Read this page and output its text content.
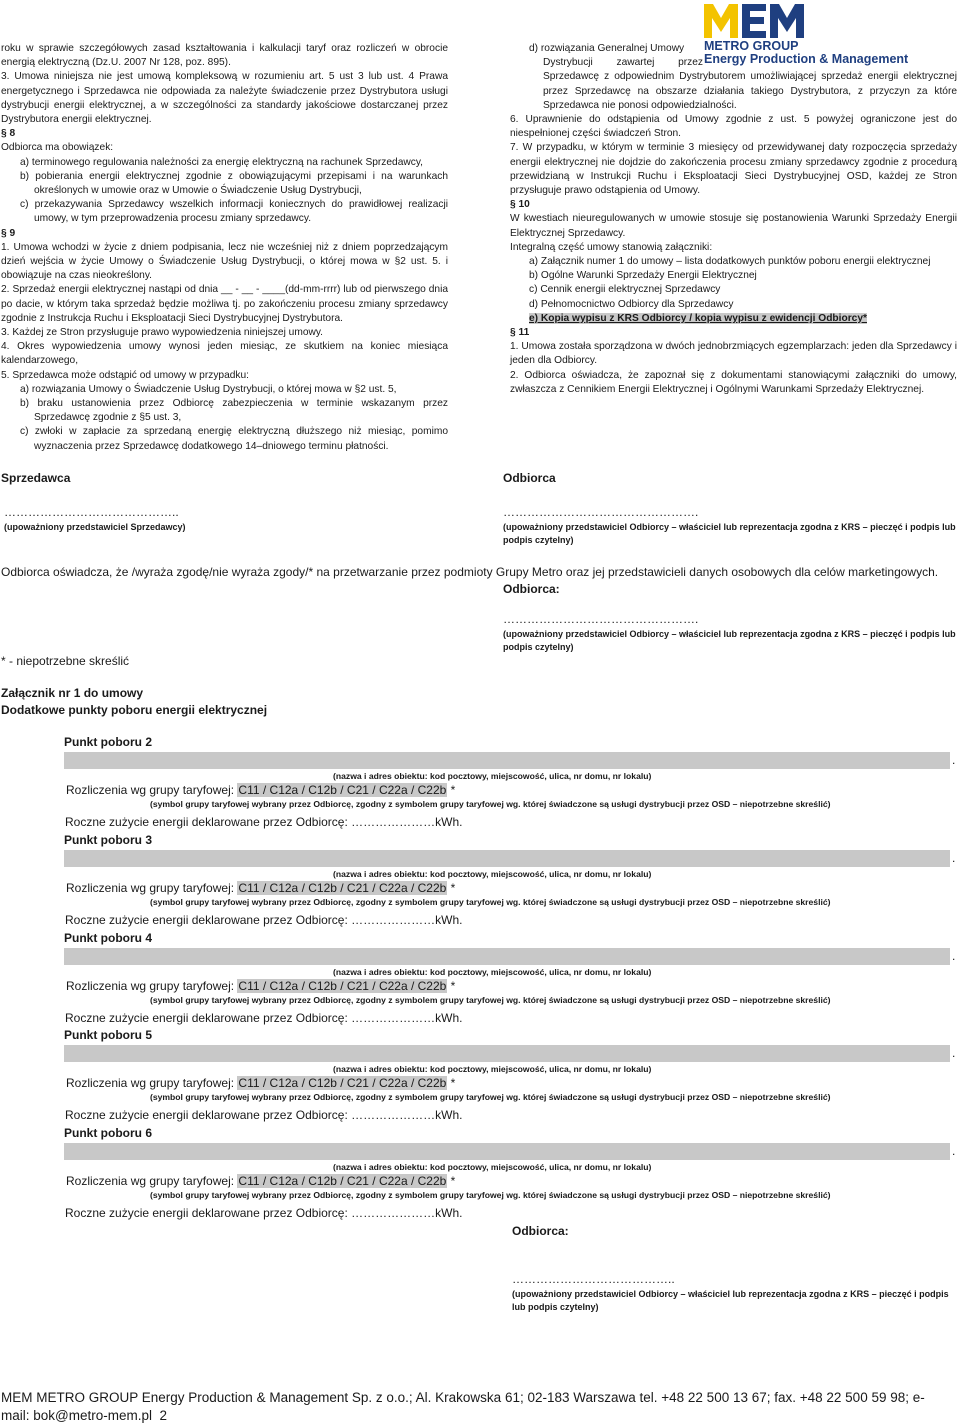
METRO GROUP
Energy Production & Management

roku w sprawie szczegółowych zasad kształtowania i kalkulacji taryf oraz rozliczeń w obrocie energią elektryczną (Dz.U. 2007 Nr 128, poz. 895).

3. Umowa niniejsza nie jest umową kompleksową w rozumieniu art. 5 ust 3 lub ust. 4 Prawa energetycznego i Sprzedawca nie odpowiada za należyte świadczenie przez Dystrybutora usługi dystrybucji energii elektrycznej, a w szczególności za standardy jakościowe dostarczanej przez Dystrybutora energii elektrycznej.

§ 8

Odbiorca ma obowiązek:

a) terminowego regulowania należności za energię elektryczną na rachunek Sprzedawcy,

b) pobierania energii elektrycznej zgodnie z obowiązującymi przepisami i na warunkach określonych w umowie oraz w Umowie o Świadczenie Usług Dystrybucji,

c) przekazywania Sprzedawcy wszelkich informacji koniecznych do prawidłowej realizacji umowy, w tym przeprowadzenia procesu zmiany sprzedawcy.

§ 9

1. Umowa wchodzi w życie z dniem podpisania, lecz nie wcześniej niż z dniem poprzedzającym dzień wejścia w życie Umowy o Świadczenie Usług Dystrybucji, o której mowa w §2 ust. 5. i obowiązuje na czas nieokreślony.

2. Sprzedaż energii elektrycznej nastąpi od dnia __ - __ - ____(dd-mm-rrrr) lub od pierwszego dnia po dacie, w którym taka sprzedaż będzie możliwa tj. po zakończeniu procesu zmiany sprzedawcy zgodnie z Instrukcja Ruchu i Eksploatacji Sieci Dystrybucyjnej Dystrybutora.

3. Każdej ze Stron przysługuje prawo wypowiedzenia niniejszej umowy.

4. Okres wypowiedzenia umowy wynosi jeden miesiąc, ze skutkiem na koniec miesiąca kalendarzowego,

5. Sprzedawca może odstąpić od umowy w przypadku:

a) rozwiązania Umowy o Świadczenie Usług Dystrybucji, o której mowa w §2 ust. 5,

b) braku ustanowienia przez Odbiorcę zabezpieczenia w terminie wskazanym przez Sprzedawcę zgodnie z §5 ust. 3,

c) zwłoki w zapłacie za sprzedaną energię elektryczną dłuższego niż miesiąc, pomimo wyznaczenia przez Sprzedawcę dodatkowego 14–dniowego terminu płatności.

d) rozwiązania Generalnej Umowy

Dystrybucji zawartej przez

Sprzedawcę z odpowiednim Dystrybutorem umożliwiającej sprzedaż energii elektrycznej przez Sprzedawcę na obszarze działania takiego Dystrybutora, z przyczyn za które Sprzedawca nie ponosi odpowiedzialności.

6. Uprawnienie do odstąpienia od Umowy zgodnie z ust. 5 powyżej ograniczone jest do niespełnionej części świadczeń Stron.

7. W przypadku, w którym w terminie 3 miesięcy od przewidywanej daty rozpoczęcia sprzedaży energii elektrycznej nie dojdzie do zakończenia procesu zmiany sprzedawcy zgodnie z procedurą przewidzianą w Instrukcji Ruchu i Eksploatacji Sieci Dystrybucyjnej OSD, każdej ze Stron przysługuje prawo odstąpienia od Umowy.

§ 10

W kwestiach nieuregulowanych w umowie stosuje się postanowienia Warunki Sprzedaży Energii Elektrycznej Sprzedawcy.

Integralną część umowy stanowią załączniki:

a) Załącznik numer 1 do umowy – lista dodatkowych punktów poboru energii elektrycznej

b) Ogólne Warunki Sprzedaży Energii Elektrycznej

c) Cennik energii elektrycznej Sprzedawcy

d) Pełnomocnictwo Odbiorcy dla Sprzedawcy

e) Kopia wypisu z KRS Odbiorcy / kopia wypisu z ewidencji Odbiorcy*

§ 11

1. Umowa została sporządzona w dwóch jednobrzmiących egzemplarzach: jeden dla Sprzedawcy i jeden dla Odbiorcy.

2. Odbiorca oświadcza, że zapoznał się z dokumentami stanowiącymi załączniki do umowy, zwłaszcza z Cennikiem Energii Elektrycznej i Ogólnymi Warunkami Sprzedaży Elektrycznej.

Sprzedawca
……………………………………..
(upoważniony przedstawiciel Sprzedawcy)
Odbiorca
………………………………………….
(upoważniony przedstawiciel Odbiorcy – właściciel lub reprezentacja zgodna z KRS – pieczęć i podpis lub podpis czytelny)
Odbiorca oświadcza, że /wyraża zgodę/nie wyraża zgody/* na przetwarzanie przez podmioty Grupy Metro oraz jej przedstawicieli danych osobowych dla celów marketingowych.
Odbiorca:
………………………………………….
(upoważniony przedstawiciel Odbiorcy – właściciel lub reprezentacja zgodna z KRS – pieczęć i podpis lub podpis czytelny)
* - niepotrzebne skreślić
Załącznik nr 1 do umowy
Dodatkowe punkty poboru energii elektrycznej
Punkt poboru 2
.
(nazwa i adres obiektu: kod pocztowy, miejscowość, ulica, nr domu, nr lokalu)
Rozliczenia wg grupy taryfowej: C11 / C12a / C12b / C21 / C22a / C22b *
(symbol grupy taryfowej wybrany przez Odbiorcę, zgodny z symbolem grupy taryfowej wg. której świadczone są usługi dystrybucji przez OSD – niepotrzebne skreślić)
Roczne zużycie energii deklarowane przez Odbiorcę: …………………kWh.
Punkt poboru 3
.
(nazwa i adres obiektu: kod pocztowy, miejscowość, ulica, nr domu, nr lokalu)
Rozliczenia wg grupy taryfowej: C11 / C12a / C12b / C21 / C22a / C22b *
(symbol grupy taryfowej wybrany przez Odbiorcę, zgodny z symbolem grupy taryfowej wg. której świadczone są usługi dystrybucji przez OSD – niepotrzebne skreślić)
Roczne zużycie energii deklarowane przez Odbiorcę: …………………kWh.
Punkt poboru 4
.
(nazwa i adres obiektu: kod pocztowy, miejscowość, ulica, nr domu, nr lokalu)
Rozliczenia wg grupy taryfowej: C11 / C12a / C12b / C21 / C22a / C22b *
(symbol grupy taryfowej wybrany przez Odbiorcę, zgodny z symbolem grupy taryfowej wg. której świadczone są usługi dystrybucji przez OSD – niepotrzebne skreślić)
Roczne zużycie energii deklarowane przez Odbiorcę: …………………kWh.
Punkt poboru 5
.
(nazwa i adres obiektu: kod pocztowy, miejscowość, ulica, nr domu, nr lokalu)
Rozliczenia wg grupy taryfowej: C11 / C12a / C12b / C21 / C22a / C22b *
(symbol grupy taryfowej wybrany przez Odbiorcę, zgodny z symbolem grupy taryfowej wg. której świadczone są usługi dystrybucji przez OSD – niepotrzebne skreślić)
Roczne zużycie energii deklarowane przez Odbiorcę: …………………kWh.
Punkt poboru 6
.
(nazwa i adres obiektu: kod pocztowy, miejscowość, ulica, nr domu, nr lokalu)
Rozliczenia wg grupy taryfowej: C11 / C12a / C12b / C21 / C22a / C22b *
(symbol grupy taryfowej wybrany przez Odbiorcę, zgodny z symbolem grupy taryfowej wg. której świadczone są usługi dystrybucji przez OSD – niepotrzebne skreślić)
Roczne zużycie energii deklarowane przez Odbiorcę: …………………kWh.
Odbiorca:
…………………………………..
(upoważniony przedstawiciel Odbiorcy – właściciel lub reprezentacja zgodna z KRS – pieczęć i podpis lub podpis czytelny)
MEM METRO GROUP Energy Production & Management Sp. z o.o.; Al. Krakowska 61; 02-183 Warszawa tel. +48 22 500 13 67; fax. +48 22 500 59 98; e-mail: bok@metro-mem.pl 2
